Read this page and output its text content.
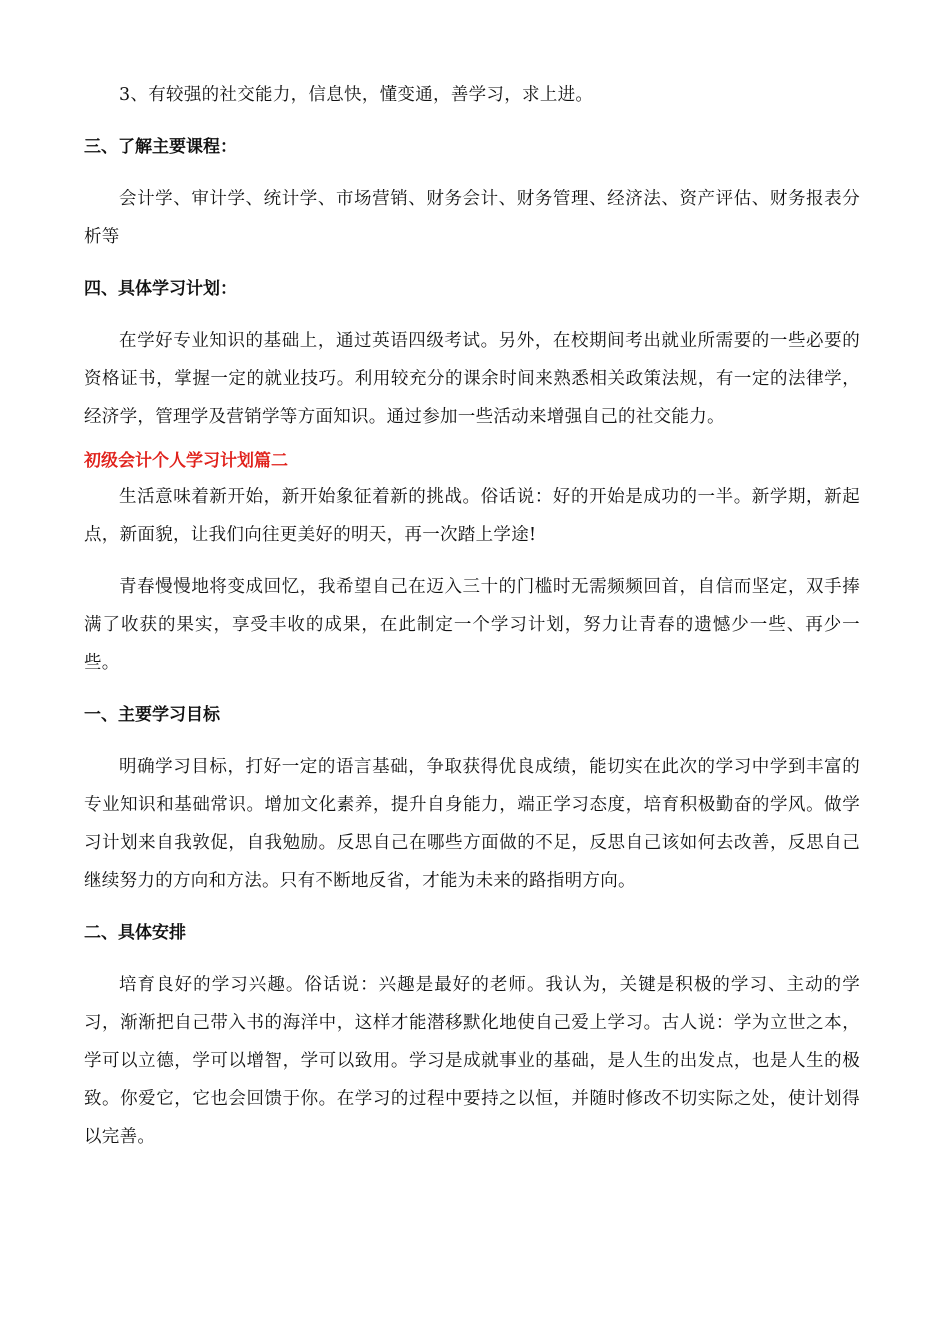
3、有较强的社交能力，信息快，懂变通，善学习，求上进。

三、了解主要课程：

会计学、审计学、统计学、市场营销、财务会计、财务管理、经济法、资产评估、财务报表分析等

四、具体学习计划：

在学好专业知识的基础上，通过英语四级考试。另外，在校期间考出就业所需要的一些必要的资格证书，掌握一定的就业技巧。利用较充分的课余时间来熟悉相关政策法规，有一定的法律学，经济学，管理学及营销学等方面知识。通过参加一些活动来增强自己的社交能力。

初级会计个人学习计划篇二

生活意味着新开始，新开始象征着新的挑战。俗话说：好的开始是成功的一半。新学期，新起点，新面貌，让我们向往更美好的明天，再一次踏上学途!

青春慢慢地将变成回忆，我希望自己在迈入三十的门槛时无需频频回首，自信而坚定，双手捧满了收获的果实，享受丰收的成果，在此制定一个学习计划，努力让青春的遗憾少一些、再少一些。

一、主要学习目标

明确学习目标，打好一定的语言基础，争取获得优良成绩，能切实在此次的学习中学到丰富的专业知识和基础常识。增加文化素养，提升自身能力，端正学习态度，培育积极勤奋的学风。做学习计划来自我敦促，自我勉励。反思自己在哪些方面做的不足，反思自己该如何去改善，反思自己继续努力的方向和方法。只有不断地反省，才能为未来的路指明方向。

二、具体安排

培育良好的学习兴趣。俗话说：兴趣是最好的老师。我认为，关键是积极的学习、主动的学习，渐渐把自己带入书的海洋中，这样才能潜移默化地使自己爱上学习。古人说：学为立世之本，学可以立德，学可以增智，学可以致用。学习是成就事业的基础，是人生的出发点，也是人生的极致。你爱它，它也会回馈于你。在学习的过程中要持之以恒，并随时修改不切实际之处，使计划得以完善。
